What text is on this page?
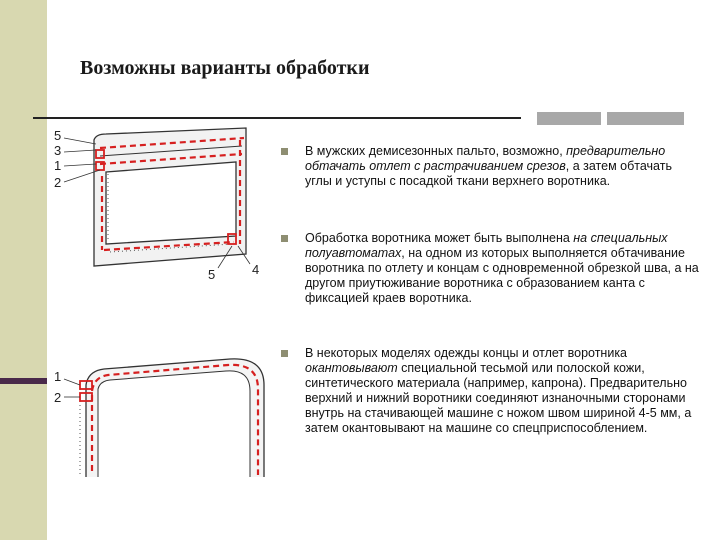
Возможны варианты обработки
5
3
1
2
5	4
1
2
В мужских демисезонных пальто, возможно, предварительно обтачать отлет с растрачиванием срезов, а затем обтачать углы и уступы с посадкой ткани верхнего воротника.
Обработка воротника может быть выполнена на специальных полуавтоматах, на одном из которых выполняется обтачивание воротника по отлету и концам с одновременной обрезкой шва, а на другом приутюживание воротника с образованием канта с фиксацией краев воротника.
В некоторых моделях одежды концы и отлет воротника окантовывают специальной тесьмой или полоской кожи, синтетического материала (например, капрона). Предварительно верхний и нижний воротники соединяют изнаночными сторонами внутрь на стачивающей машине с ножом швом шириной 4-5 мм, а затем окантовывают на машине со спецприспособлением.
